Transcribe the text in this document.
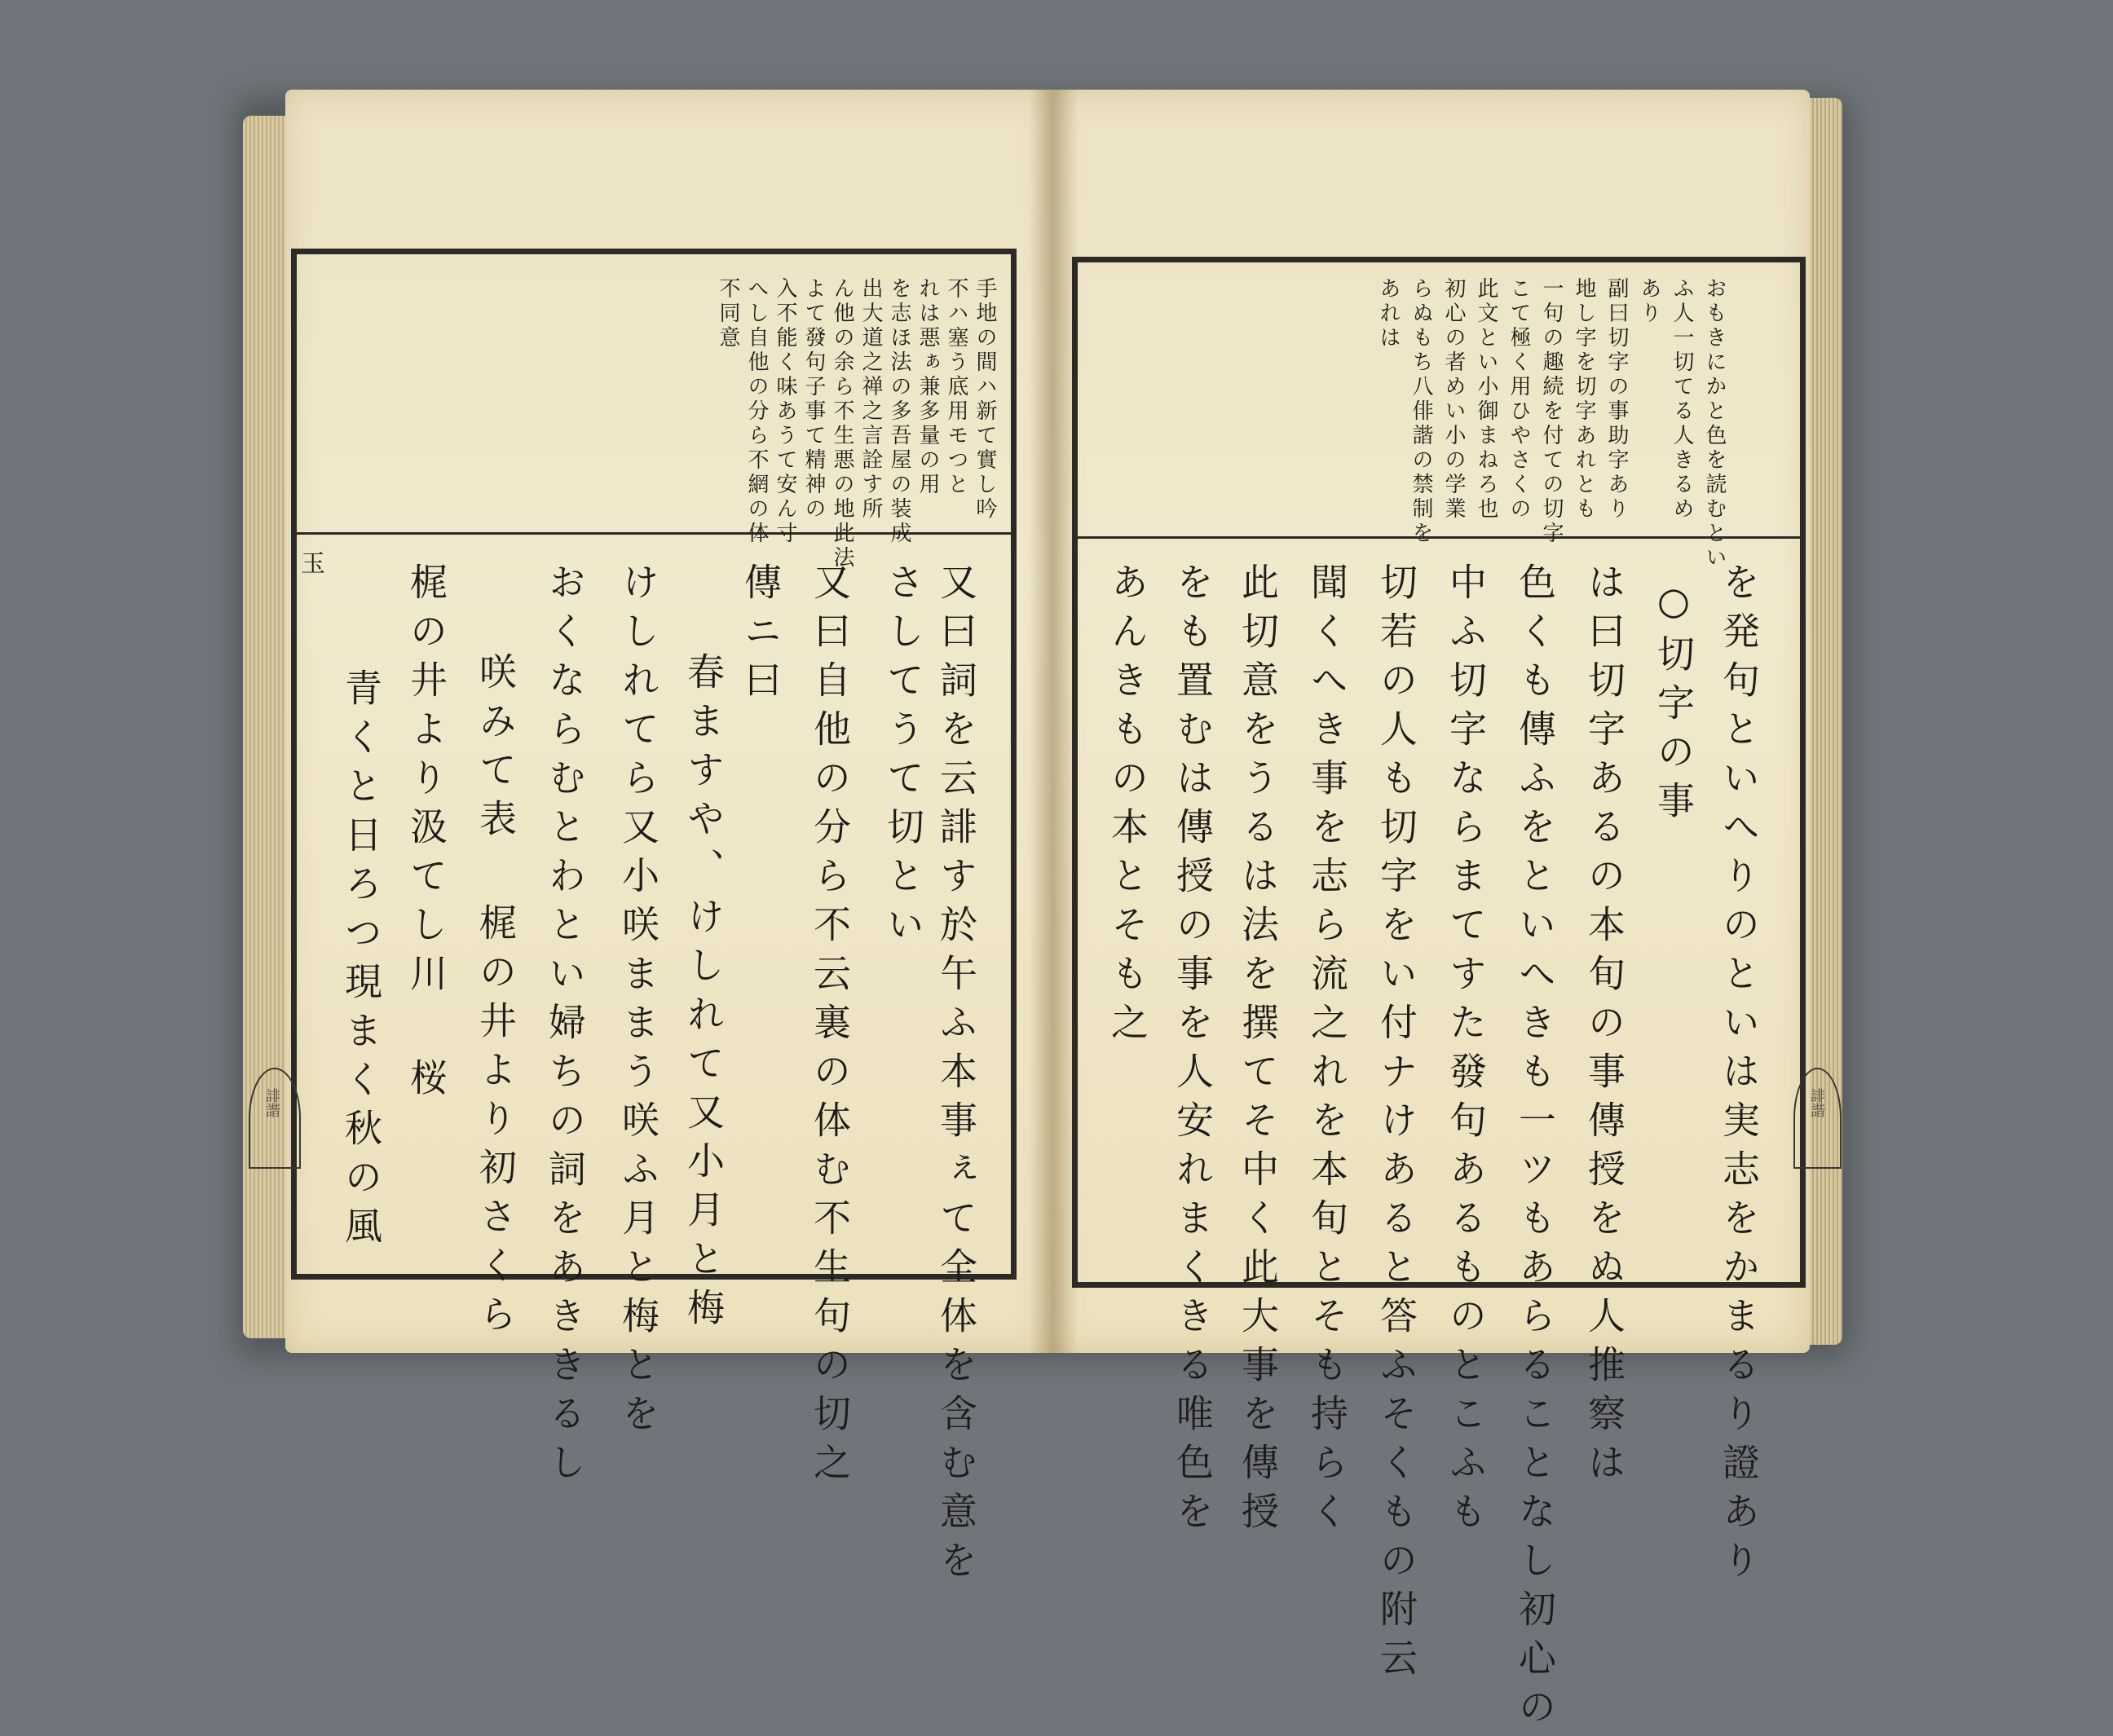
手地の間ハ新て實し吟

不ハ塞う底用モつと

れは悪ぁ兼多量の用

を志ほ法の多吾屋の装成

出大道之禅之言詮す所

ん他の余ら不生悪の地此法

よて發句子事て精神の

入不能く味あうて安ん寸

へし自他の分ら不網の体

不同意

又曰詞を云誹す於午ふ本事ぇて全体を含む意を

さしてうて切とい

又曰自他の分ら不云裏の体む不生句の切之

傳ニ曰

春ますや、けしれて又小月と梅

けしれてら又小咲ままう咲ふ月と梅とを

おくならむとわとい婦ちの詞をあききるし

咲みて表 梶の井より初さくら

梶の井より汲てし川 桜

青くと日ろつ現まく秋の風

玉	おもきにかと色を読むとい

ふ人一切てる人きるめ

あり

副曰切字の事助字あり

地し字を切字あれとも

一句の趣続を付ての切字

こて極く用ひやさくの

此文とい小御まねろ也

初心の者めい小の学業

らぬもち八俳諧の禁制を

あれは

を発句といへりのといは実志をかまるり證あり

○切字の事

は曰切字あるの本旬の事傳授をぬ人推察は

色くも傳ふをといへきも一ツもあらることなし初心の

中ふ切字ならまてすた發句あるものとこふも

切若の人も切字をい付ナけあると答ふそくもの附云

聞くへき事を志ら流之れを本旬とそも持らく

此切意をうるは法を撰てそ中く此大事を傳授

をも置むは傳授の事を人安れまくきる唯色を

あんきもの本とそも之

誹諧	誹諧
